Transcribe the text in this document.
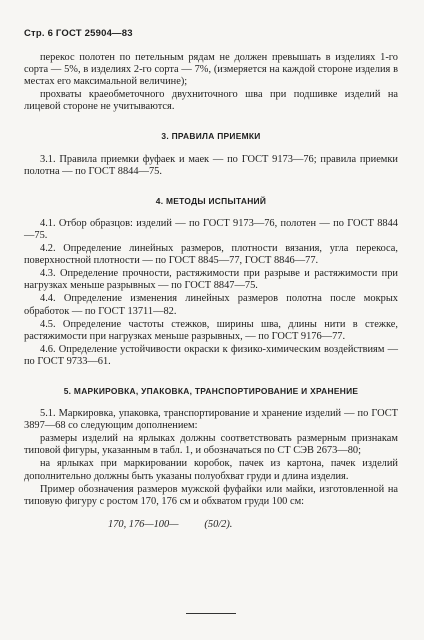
Стр. 6 ГОСТ 25904—83

перекос полотен по петельным рядам не должен превышать в изделиях 1-го сорта — 5%, в изделиях 2-го сорта — 7%, (измеряется на каждой стороне изделия в местах его максимальной величине);

прохваты краеобметочного двухниточного шва при подшивке изделий на лицевой стороне не учитываются.

3. ПРАВИЛА ПРИЕМКИ

3.1. Правила приемки фуфаек и маек — по ГОСТ 9173—76; правила приемки полотна — по ГОСТ 8844—75.

4. МЕТОДЫ ИСПЫТАНИЙ

4.1. Отбор образцов: изделий — по ГОСТ 9173—76, полотен — по ГОСТ 8844—75.

4.2. Определение линейных размеров, плотности вязания, угла перекоса, поверхностной плотности — по ГОСТ 8845—77, ГОСТ 8846—77.

4.3. Определение прочности, растяжимости при разрыве и растяжимости при нагрузках меньше разрывных — по ГОСТ 8847—75.

4.4. Определение изменения линейных размеров полотна после мокрых обработок — по ГОСТ 13711—82.

4.5. Определение частоты стежков, ширины шва, длины нити в стежке, растяжимости при нагрузках меньше разрывных, — по ГОСТ 9176—77.

4.6. Определение устойчивости окраски к физико-химическим воздействиям — по ГОСТ 9733—61.

5. МАРКИРОВКА, УПАКОВКА, ТРАНСПОРТИРОВАНИЕ И ХРАНЕНИЕ

5.1. Маркировка, упаковка, транспортирование и хранение изделий — по ГОСТ 3897—68 со следующим дополнением:

размеры изделий на ярлыках должны соответствовать размерным признакам типовой фигуры, указанным в табл. 1, и обозначаться по СТ СЭВ 2673—80;

на ярлыках при маркировании коробок, пачек из картона, пачек изделий дополнительно должны быть указаны полуобхват груди и длина изделия.

Пример обозначения размеров мужской фуфайки или майки, изготовленной на типовую фигуру с ростом 170, 176 см и обхватом груди 100 см:

170, 176—100—          (50/2).
